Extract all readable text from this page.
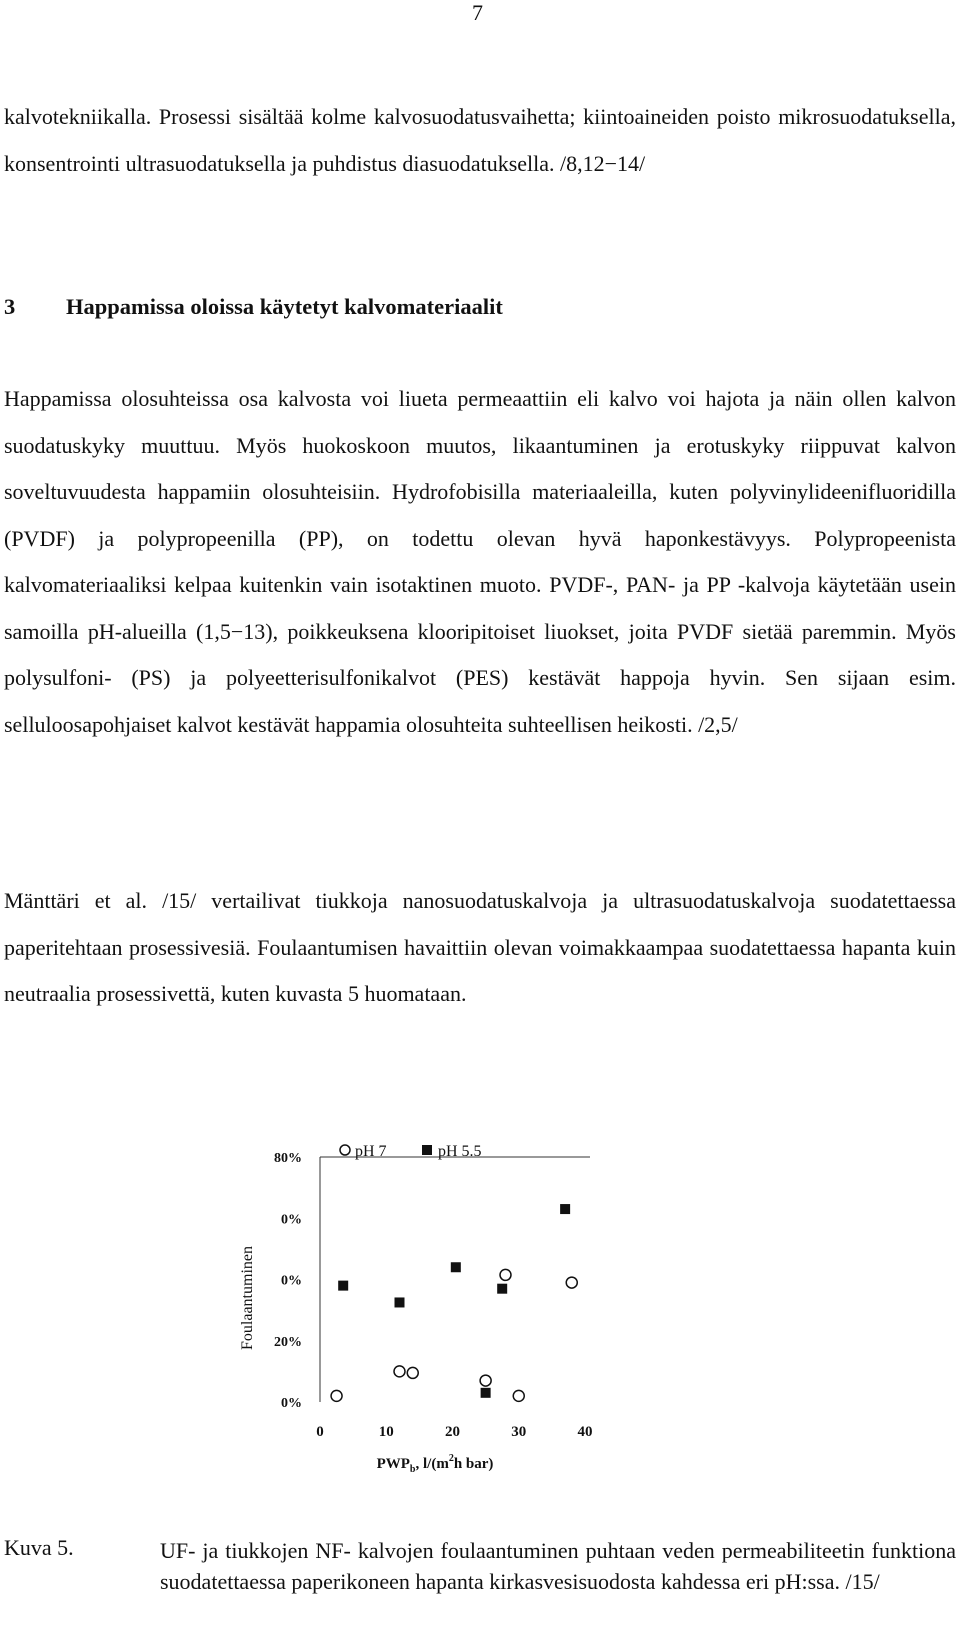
7

kalvotekniikalla. Prosessi sisältää kolme kalvosuodatusvaihetta; kiintoaineiden poisto mikrosuodatuksella, konsentrointi ultrasuodatuksella ja puhdistus diasuodatuksella. /8,12−14/

3 Happamissa oloissa käytetyt kalvomateriaalit

Happamissa olosuhteissa osa kalvosta voi liueta permeaattiin eli kalvo voi hajota ja näin ollen kalvon suodatuskyky muuttuu. Myös huokoskoon muutos, likaantuminen ja erotuskyky riippuvat kalvon soveltuvuudesta happamiin olosuhteisiin. Hydrofobisilla materiaaleilla, kuten polyvinylideenifluoridilla (PVDF) ja polypropeenilla (PP), on todettu olevan hyvä haponkestävyys. Polypropeenista kalvomateriaaliksi kelpaa kuitenkin vain isotaktinen muoto. PVDF-, PAN- ja PP -kalvoja käytetään usein samoilla pH-alueilla (1,5−13), poikkeuksena klooripitoiset liuokset, joita PVDF sietää paremmin. Myös polysulfoni- (PS) ja polyeetterisulfonikalvot (PES) kestävät happoja hyvin. Sen sijaan esim. selluloosapohjaiset kalvot kestävät happamia olosuhteita suhteellisen heikosti. /2,5/

Mänttäri et al. /15/ vertailivat tiukkoja nanosuodatuskalvoja ja ultrasuodatuskalvoja suodatettaessa paperitehtaan prosessivesiä. Foulaantumisen havaittiin olevan voimakkaampaa suodatettaessa hapanta kuin neutraalia prosessivettä, kuten kuvasta 5 huomataan.

Foulaantuminen
0%
20%
0%
0%
80%
0	10	20	30	40
pH 7	pH 5.5
$PWP_b$, $l/(m^2h$ bar)
Kuva 5.	UF- ja tiukkojen NF- kalvojen foulaantuminen puhtaan veden permeabiliteetin funktiona suodatettaessa paperikoneen hapanta kirkasvesisuodosta kahdessa eri pH:ssa. /15/
